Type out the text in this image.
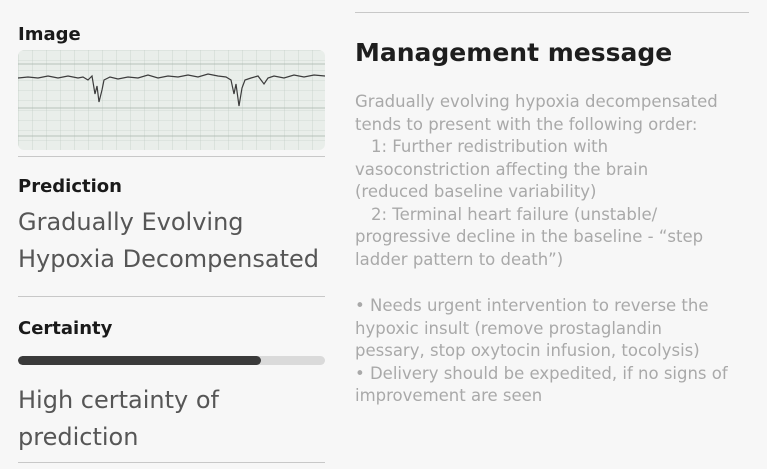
Image
Prediction
Gradually Evolving
Hypoxia Decompensated
Certainty
High certainty of
prediction
Management message
Gradually evolving hypoxia decompensated
tends to present with the following order:
1: Further redistribution with
vasoconstriction affecting the brain
(reduced baseline variability)
2: Terminal heart failure (unstable/
progressive decline in the baseline - “step
ladder pattern to death”)
• Needs urgent intervention to reverse the
hypoxic insult (remove prostaglandin
pessary, stop oxytocin infusion, tocolysis)
• Delivery should be expedited, if no signs of
improvement are seen
